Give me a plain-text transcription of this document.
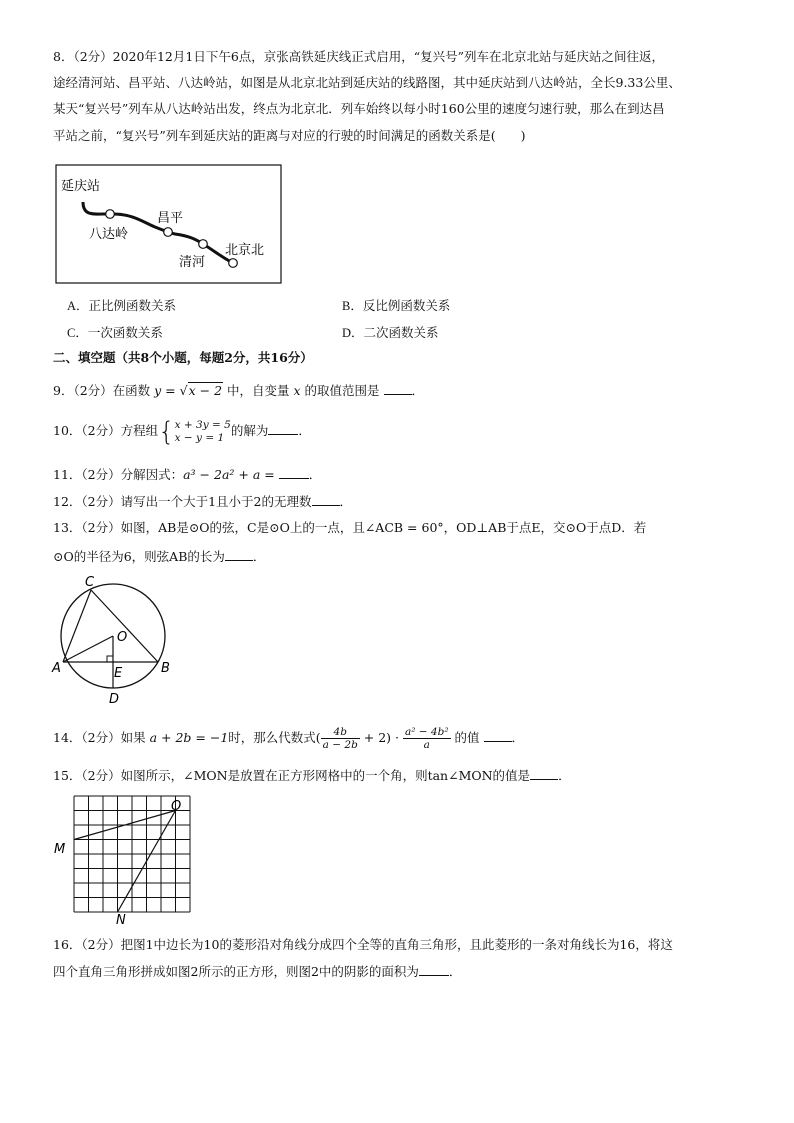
8．（2分）2020年12月1日下午6点，京张高铁延庆线正式启用，“复兴号”列车在北京北站与延庆站之间往返，
途经清河站、昌平站、八达岭站，如图是从北京北站到延庆站的线路图，其中延庆站到八达岭站，全长9.33公里、
某天“复兴号”列车从八达岭站出发，终点为北京北．列车始终以每小时160公里的速度匀速行驶，那么在到达昌
平站之前，“复兴号”列车到延庆站的距离与对应的行驶的时间满足的函数关系是(　　)
延庆站
八达岭
昌平
清河
北京北
A．正比例函数关系	B．反比例函数关系
C．一次函数关系	D．二次函数关系
二、填空题（共8个小题，每题2分，共16分）
9．（2分）在函数 y = √x − 2 中，自变量 x 的取值范围是	．
10．（2分）方程组{ x + 3y = 5
x − y = 1 的解为 ．
11．（2分）分解因式：a³ − 2a² + a =	．
12．（2分）请写出一个大于1且小于2的无理数 ．
13．（2分）如图，AB是⊙O的弦，C是⊙O上的一点，且∠ACB = 60°，OD⊥AB于点E，交⊙O于点D．若
⊙O的半径为6，则弦AB的长为 ．
C
O
A	B
E
D
14．（2分）如果 a + 2b = −1时，那么代数式( $\frac{4b}{a - 2b} + 2) \cdot \frac{\text{a² − 4b²}}{a}$ 的值	．
15．（2分）如图所示，∠MON是放置在正方形网格中的一个角，则tan∠MON的值是 ．
O
M
N
16．（2分）把图1中边长为10的菱形沿对角线分成四个全等的直角三角形，且此菱形的一条对角线长为16，将这
四个直角三角形拼成如图2所示的正方形，则图2中的阴影的面积为 ．
